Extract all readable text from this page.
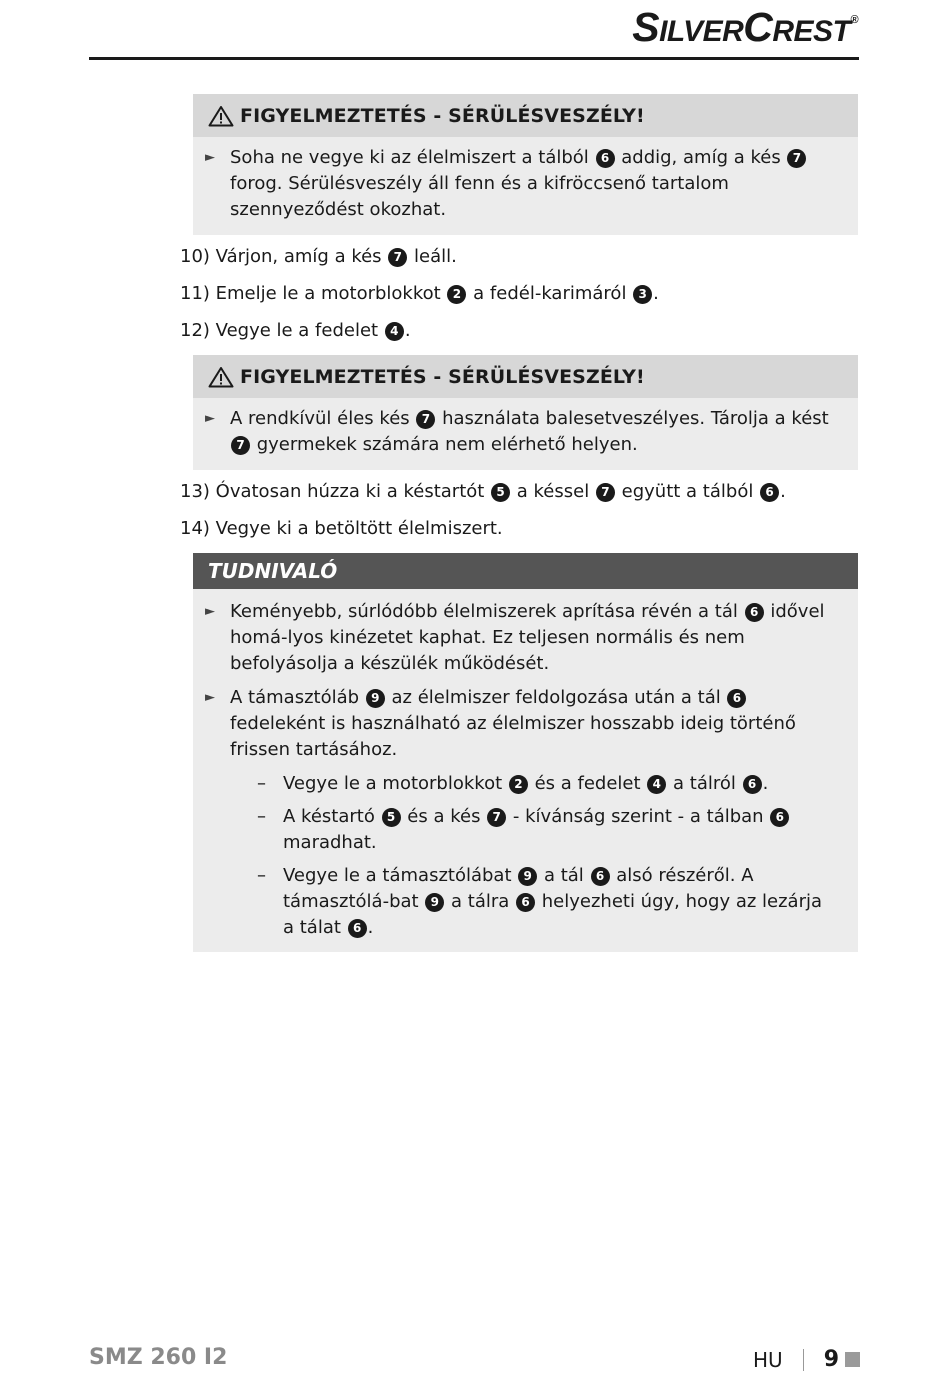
SILVERCREST®
FIGYELMEZTETÉS - SÉRÜLÉSVESZÉLY!
► Soha ne vegye ki az élelmiszert a tálból 6 addig, amíg a kés 7 forog. Sérülésveszély áll fenn és a kifröccsenő tartalom szennyeződést okozhat.
10) Várjon, amíg a kés 7 leáll.
11) Emelje le a motorblokkot 2 a fedél-karimáról 3 .
12) Vegye le a fedelet 4 .
FIGYELMEZTETÉS - SÉRÜLÉSVESZÉLY!
► A rendkívül éles kés 7 használata balesetveszélyes. Tárolja a kést 7 gyermekek számára nem elérhető helyen.
13) Óvatosan húzza ki a késtartót 5 a késsel 7 együtt a tálból 6 .
14) Vegye ki a betöltött élelmiszert.
TUDNIVALÓ
► Keményebb, súrlódóbb élelmiszerek aprítása révén a tál 6 idővel homá-lyos kinézetet kaphat. Ez teljesen normális és nem befolyásolja a készülék működését.
► A támasztóláb 9 az élelmiszer feldolgozása után a tál 6 fedeleként is használható az élelmiszer hosszabb ideig történő frissen tartásához.
– Vegye le a motorblokkot 2 és a fedelet 4 a tálról 6 .
– A késtartó 5 és a kés 7 - kívánság szerint - a tálban 6 maradhat.
– Vegye le a támasztólábat 9 a tál 6 alsó részéről. A támasztólá-bat 9 a tálra 6 helyezheti úgy, hogy az lezárja a tálat 6 .
SMZ 260 I2	HU 9
